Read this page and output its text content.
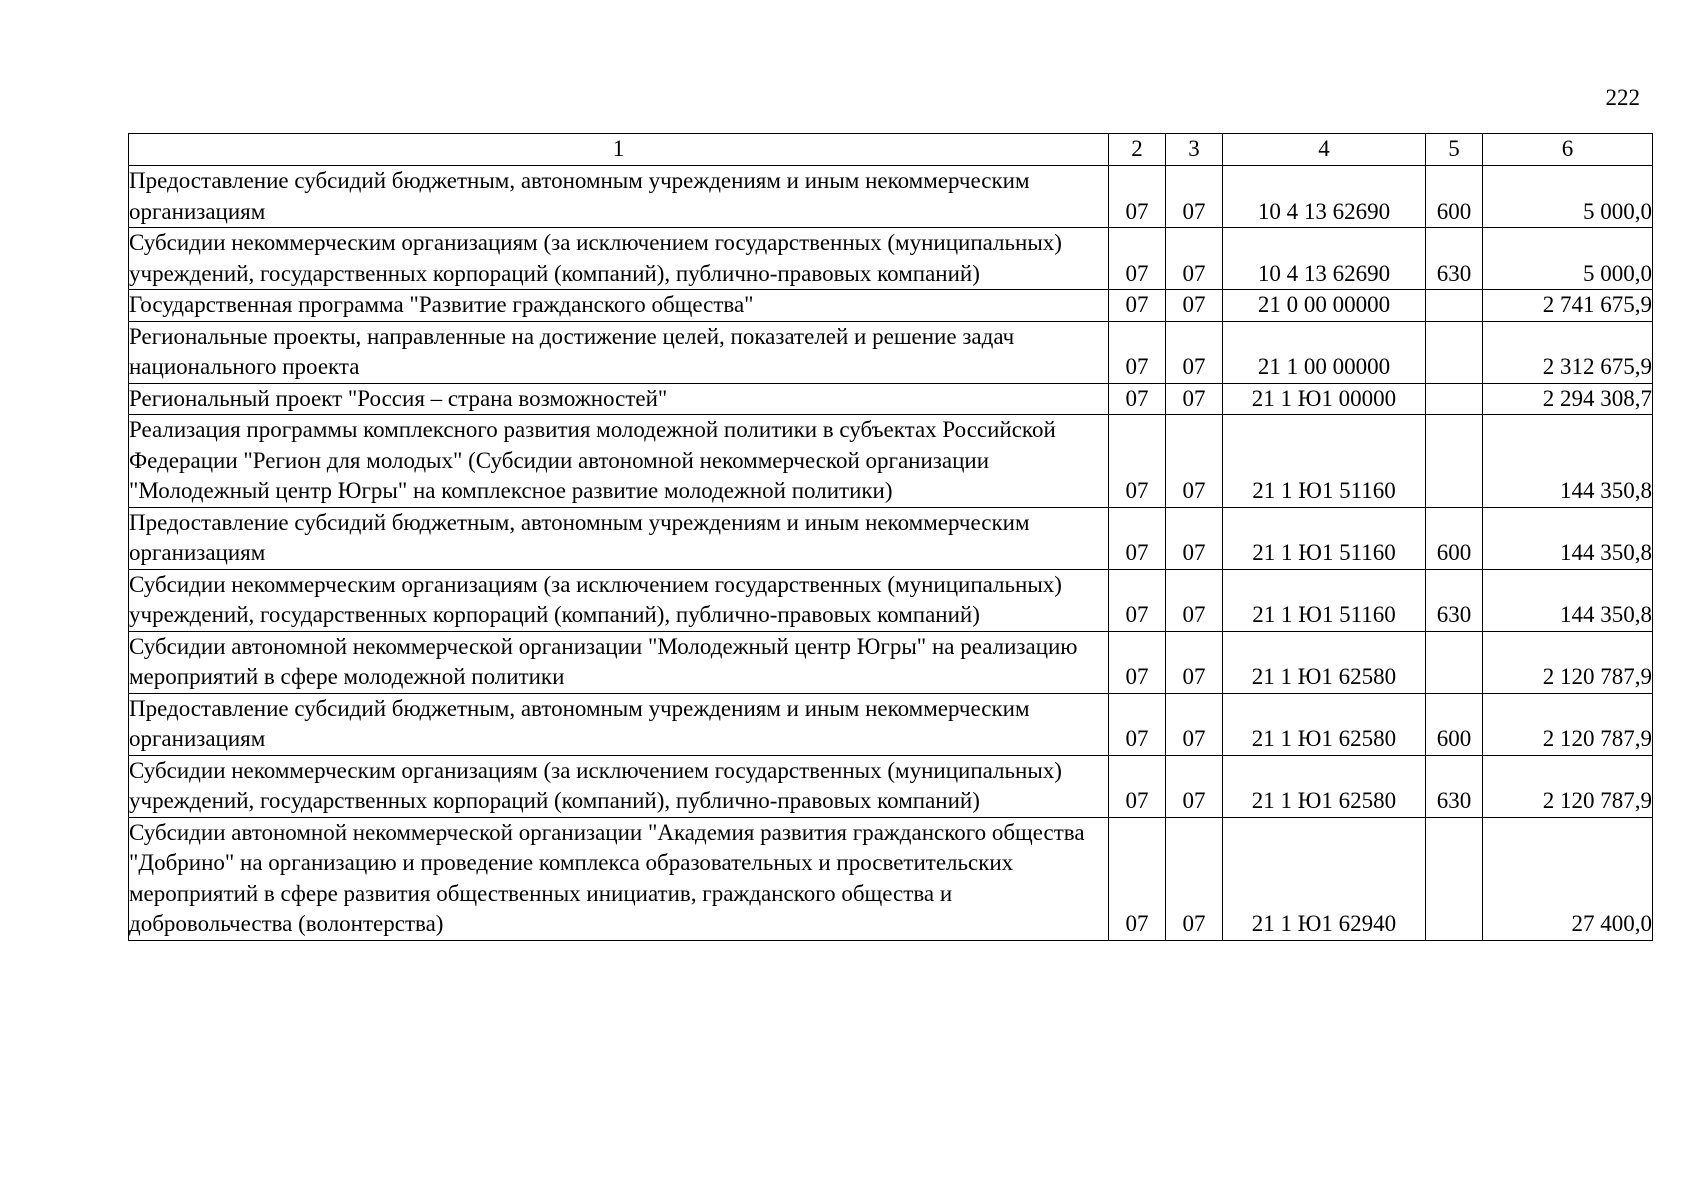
222
1	2	3	4	5	6
Предоставление субсидий бюджетным, автономным учреждениям и иным некоммерческим организациям	07	07	10 4 13 62690	600	5 000,0
Субсидии некоммерческим организациям (за исключением государственных (муниципальных) учреждений, государственных корпораций (компаний), публично-правовых компаний)	07	07	10 4 13 62690	630	5 000,0
Государственная программа "Развитие гражданского общества"	07	07	21 0 00 00000		2 741 675,9
Региональные проекты, направленные на достижение целей, показателей и решение задач национального проекта	07	07	21 1 00 00000		2 312 675,9
Региональный проект "Россия – страна возможностей"	07	07	21 1 Ю1 00000		2 294 308,7
Реализация программы комплексного развития молодежной политики в субъектах Российской Федерации "Регион для молодых" (Субсидии автономной некоммерческой организации "Молодежный центр Югры" на комплексное развитие молодежной политики)	07	07	21 1 Ю1 51160		144 350,8
Предоставление субсидий бюджетным, автономным учреждениям и иным некоммерческим организациям	07	07	21 1 Ю1 51160	600	144 350,8
Субсидии некоммерческим организациям (за исключением государственных (муниципальных) учреждений, государственных корпораций (компаний), публично-правовых компаний)	07	07	21 1 Ю1 51160	630	144 350,8
Субсидии автономной некоммерческой организации "Молодежный центр Югры" на реализацию мероприятий в сфере молодежной политики	07	07	21 1 Ю1 62580		2 120 787,9
Предоставление субсидий бюджетным, автономным учреждениям и иным некоммерческим организациям	07	07	21 1 Ю1 62580	600	2 120 787,9
Субсидии некоммерческим организациям (за исключением государственных (муниципальных) учреждений, государственных корпораций (компаний), публично-правовых компаний)	07	07	21 1 Ю1 62580	630	2 120 787,9
Субсидии автономной некоммерческой организации "Академия развития гражданского общества "Добрино" на организацию и проведение комплекса образовательных и просветительских мероприятий в сфере развития общественных инициатив, гражданского общества и добровольчества (волонтерства)	07	07	21 1 Ю1 62940		27 400,0
